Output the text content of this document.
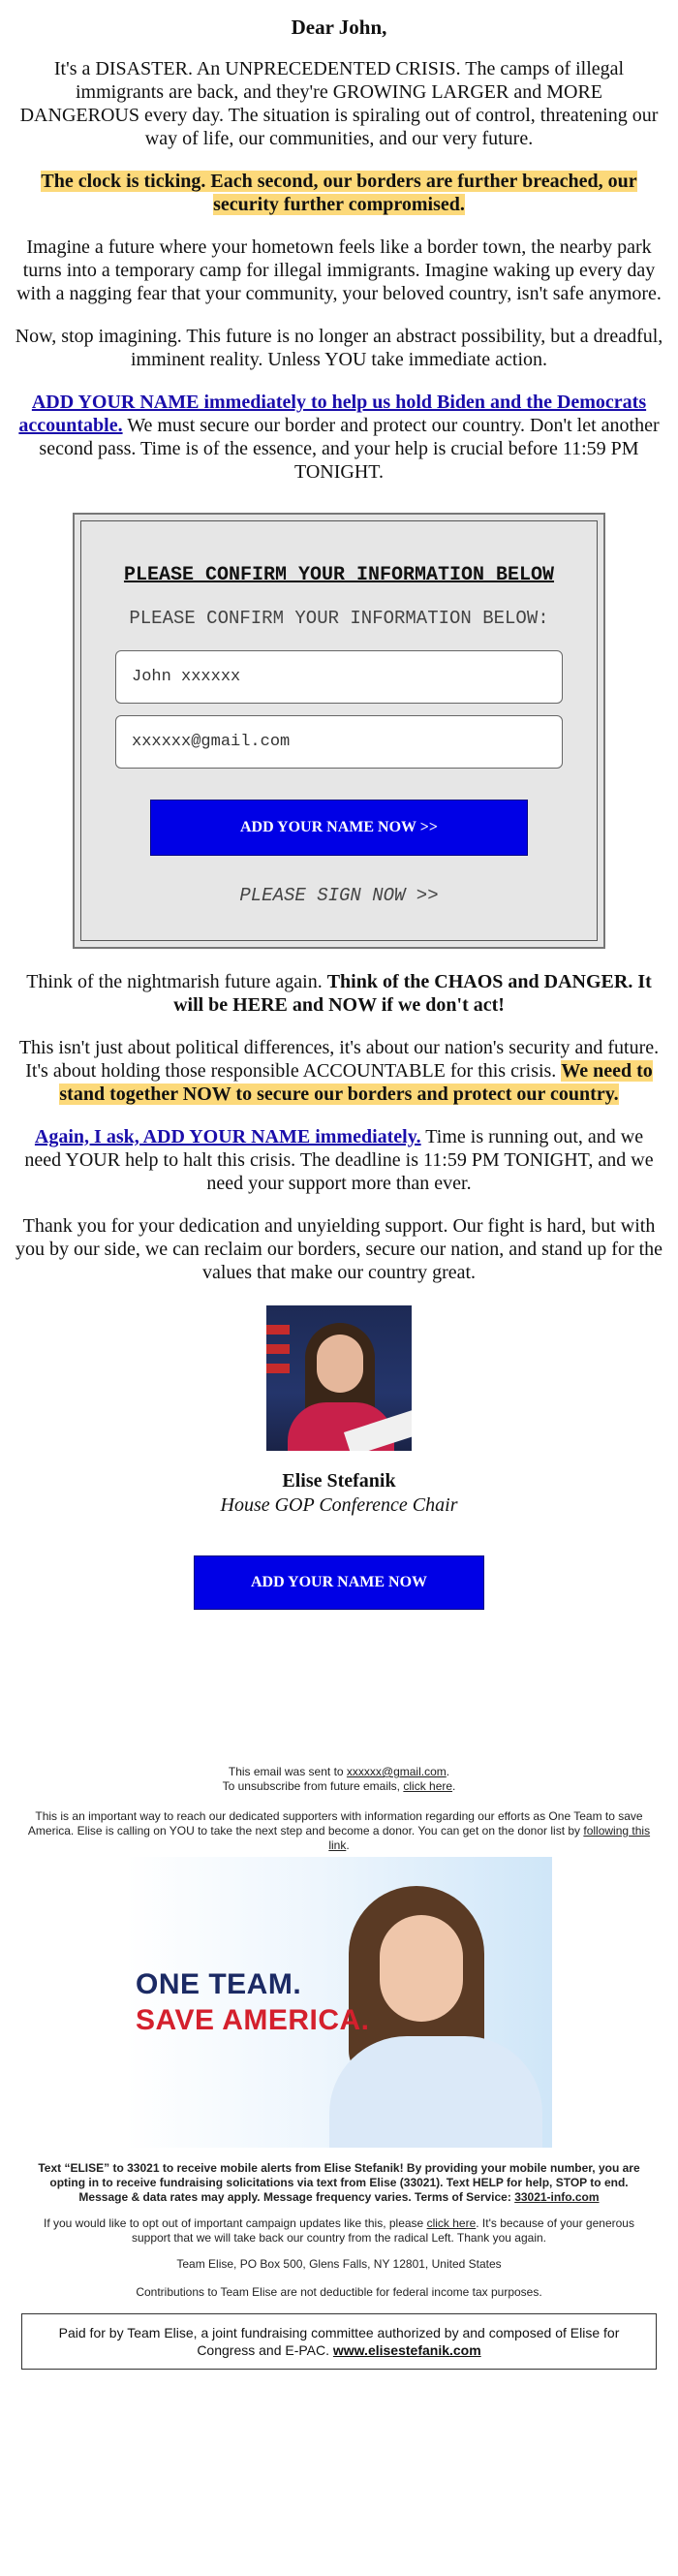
Dear John,

It's a DISASTER. An UNPRECEDENTED CRISIS. The camps of illegal immigrants are back, and they're GROWING LARGER and MORE DANGEROUS every day. The situation is spiraling out of control, threatening our way of life, our communities, and our very future.

The clock is ticking. Each second, our borders are further breached, our security further compromised.

Imagine a future where your hometown feels like a border town, the nearby park turns into a temporary camp for illegal immigrants. Imagine waking up every day with a nagging fear that your community, your beloved country, isn't safe anymore.

Now, stop imagining. This future is no longer an abstract possibility, but a dreadful, imminent reality. Unless YOU take immediate action.

ADD YOUR NAME immediately to help us hold Biden and the Democrats accountable. We must secure our border and protect our country. Don't let another second pass. Time is of the essence, and your help is crucial before 11:59 PM TONIGHT.

PLEASE CONFIRM YOUR INFORMATION BELOW
PLEASE CONFIRM YOUR INFORMATION BELOW:
John xxxxxx
xxxxxx@gmail.com
ADD YOUR NAME NOW >>
PLEASE SIGN NOW >>

Think of the nightmarish future again. Think of the CHAOS and DANGER. It will be HERE and NOW if we don't act!

This isn't just about political differences, it's about our nation's security and future. It's about holding those responsible ACCOUNTABLE for this crisis. We need to stand together NOW to secure our borders and protect our country.

Again, I ask, ADD YOUR NAME immediately. Time is running out, and we need YOUR help to halt this crisis. The deadline is 11:59 PM TONIGHT, and we need your support more than ever.

Thank you for your dedication and unyielding support. Our fight is hard, but with you by our side, we can reclaim our borders, secure our nation, and stand up for the values that make our country great.

Elise Stefanik
House GOP Conference Chair
ADD YOUR NAME NOW

This email was sent to xxxxxx@gmail.com.

To unsubscribe from future emails, click here.

This is an important way to reach our dedicated supporters with information regarding our efforts as One Team to save America. Elise is calling on YOU to take the next step and become a donor. You can get on the donor list by following this link.

ONE TEAM.
SAVE AMERICA.

Text “ELISE” to 33021 to receive mobile alerts from Elise Stefanik! By providing your mobile number, you are opting in to receive fundraising solicitations via text from Elise (33021). Text HELP for help, STOP to end. Message & data rates may apply. Message frequency varies. Terms of Service: 33021-info.com

If you would like to opt out of important campaign updates like this, please click here. It's because of your generous support that we will take back our country from the radical Left. Thank you again.

Team Elise, PO Box 500, Glens Falls, NY 12801, United States

Contributions to Team Elise are not deductible for federal income tax purposes.

Paid for by Team Elise, a joint fundraising committee authorized by and composed of Elise for Congress and E-PAC. www.elisestefanik.com
